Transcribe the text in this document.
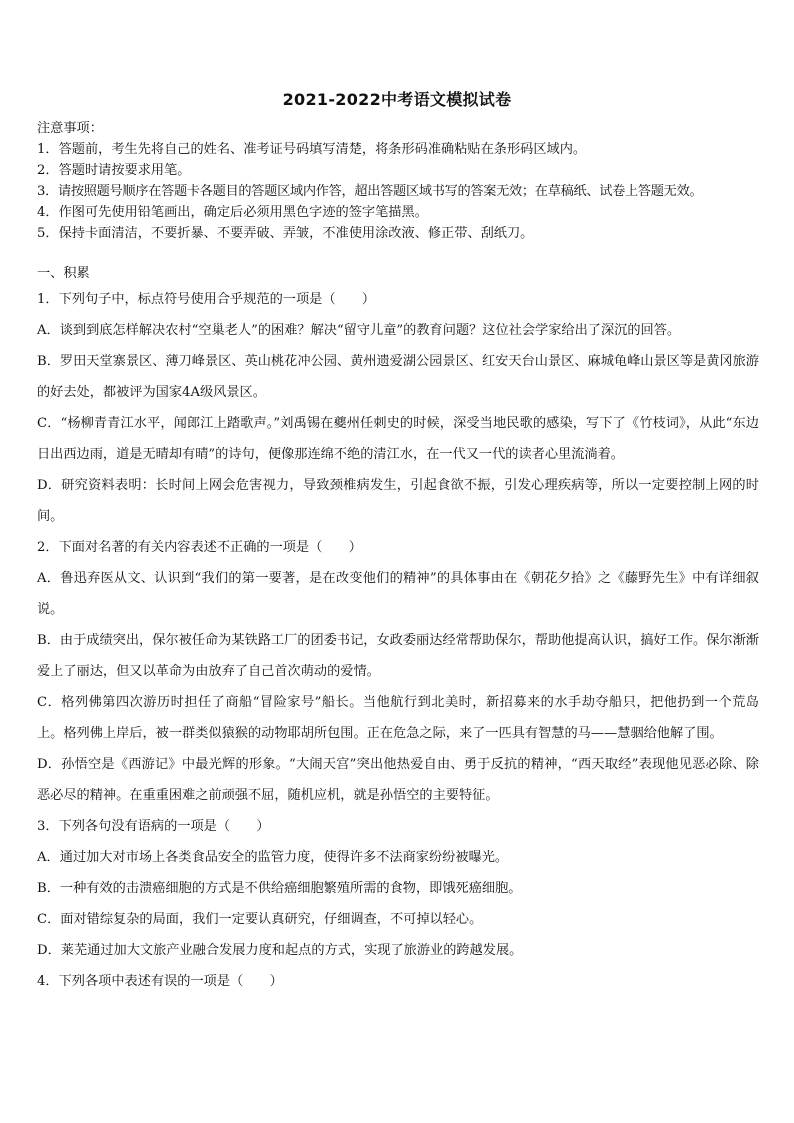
2021-2022中考语文模拟试卷
注意事项：
1．答题前，考生先将自己的姓名、准考证号码填写清楚，将条形码准确粘贴在条形码区域内。
2．答题时请按要求用笔。
3．请按照题号顺序在答题卡各题目的答题区域内作答，超出答题区域书写的答案无效；在草稿纸、试卷上答题无效。
4．作图可先使用铅笔画出，确定后必须用黑色字迹的签字笔描黑。
5．保持卡面清洁，不要折暴、不要弄破、弄皱，不准使用涂改液、修正带、刮纸刀。
一、积累
1．下列句子中，标点符号使用合乎规范的一项是（　　）
A．谈到到底怎样解决农村“空巢老人”的困难？解决“留守儿童”的教育问题？这位社会学家给出了深沉的回答。
B．罗田天堂寨景区、薄刀峰景区、英山桃花冲公园、黄州遗爱湖公园景区、红安天台山景区、麻城龟峰山景区等是黄冈旅游的好去处，都被评为国家4A级风景区。
C．“杨柳青青江水平，闻郎江上踏歌声。”刘禹锡在夔州任刺史的时候，深受当地民歌的感染，写下了《竹枝词》，从此“东边日出西边雨，道是无晴却有晴”的诗句，便像那连绵不绝的清江水，在一代又一代的读者心里流淌着。
D．研究资料表明：长时间上网会危害视力，导致颈椎病发生，引起食欲不振，引发心理疾病等，所以一定要控制上网的时间。
2．下面对名著的有关内容表述不正确的一项是（　　）
A．鲁迅弃医从文、认识到“我们的第一要著，是在改变他们的精神”的具体事由在《朝花夕拾》之《藤野先生》中有详细叙说。
B．由于成绩突出，保尔被任命为某铁路工厂的团委书记，女政委丽达经常帮助保尔，帮助他提高认识，搞好工作。保尔渐渐爱上了丽达，但又以革命为由放弃了自己首次萌动的爱情。
C．格列佛第四次游历时担任了商船“冒险家号”船长。当他航行到北美时，新招募来的水手劫夺船只，把他扔到一个荒岛上。格列佛上岸后，被一群类似猿猴的动物耶胡所包围。正在危急之际，来了一匹具有智慧的马——慧骃给他解了围。
D．孙悟空是《西游记》中最光辉的形象。“大闹天宫”突出他热爱自由、勇于反抗的精神，“西天取经”表现他见恶必除、除恶必尽的精神。在重重困难之前顽强不屈，随机应机，就是孙悟空的主要特征。
3．下列各句没有语病的一项是（　　）
A．通过加大对市场上各类食品安全的监管力度，使得许多不法商家纷纷被曝光。
B．一种有效的击溃癌细胞的方式是不供给癌细胞繁殖所需的食物，即饿死癌细胞。
C．面对错综复杂的局面，我们一定要认真研究，仔细调查，不可掉以轻心。
D．莱芜通过加大文旅产业融合发展力度和起点的方式，实现了旅游业的跨越发展。
4．下列各项中表述有误的一项是（　　）
